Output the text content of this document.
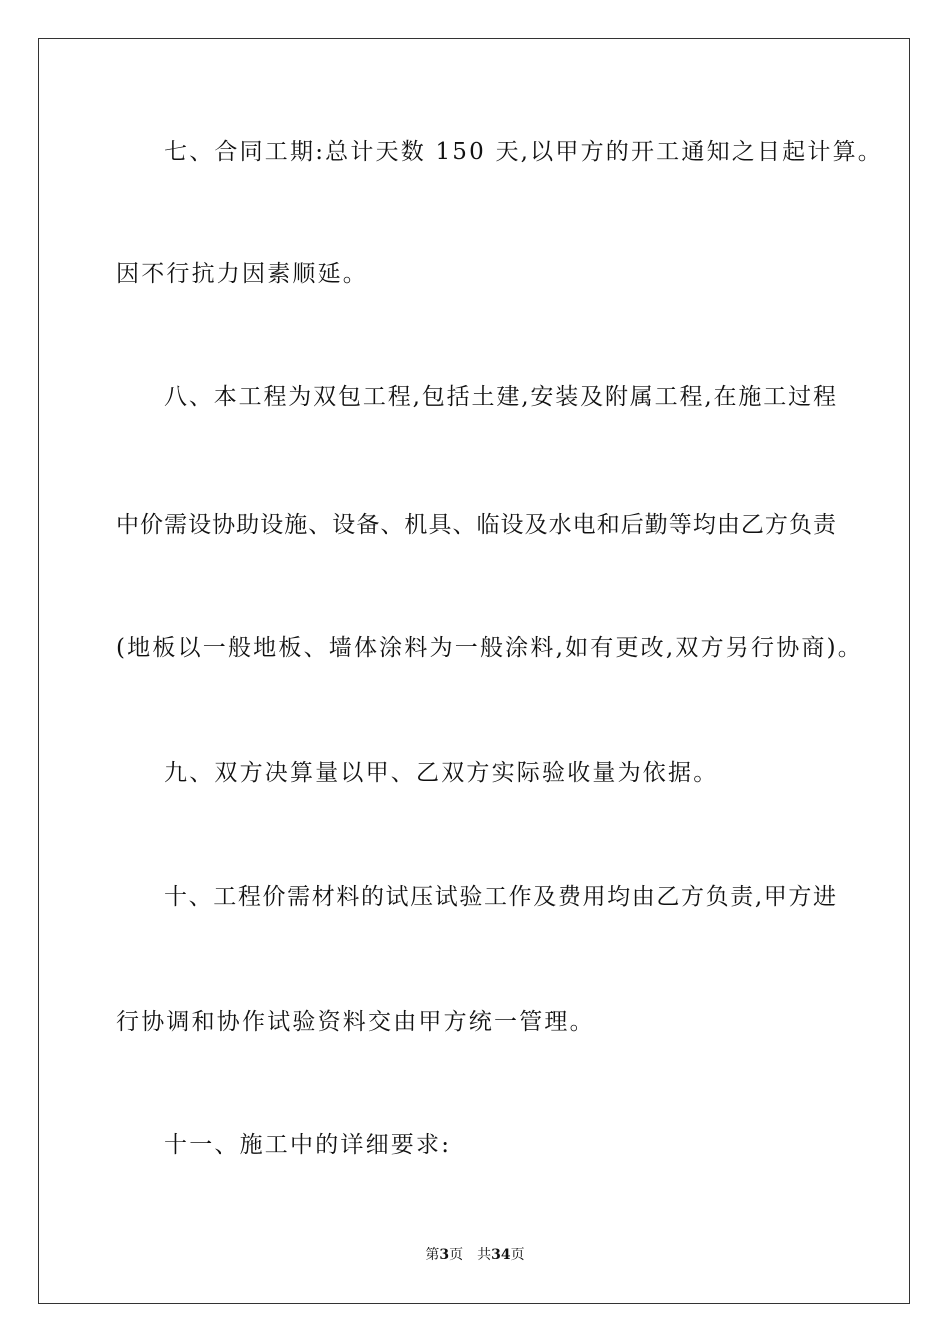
七、合同工期:总计天数 150 天,以甲方的开工通知之日起计算。
因不行抗力因素顺延。
八、本工程为双包工程,包括土建,安装及附属工程,在施工过程
中价需设协助设施、设备、机具、临设及水电和后勤等均由乙方负责
(地板以一般地板、墙体涂料为一般涂料,如有更改,双方另行协商)。
九、双方决算量以甲、乙双方实际验收量为依据。
十、工程价需材料的试压试验工作及费用均由乙方负责,甲方进
行协调和协作试验资料交由甲方统一管理。
十一、施工中的详细要求:
第3页 共34页
